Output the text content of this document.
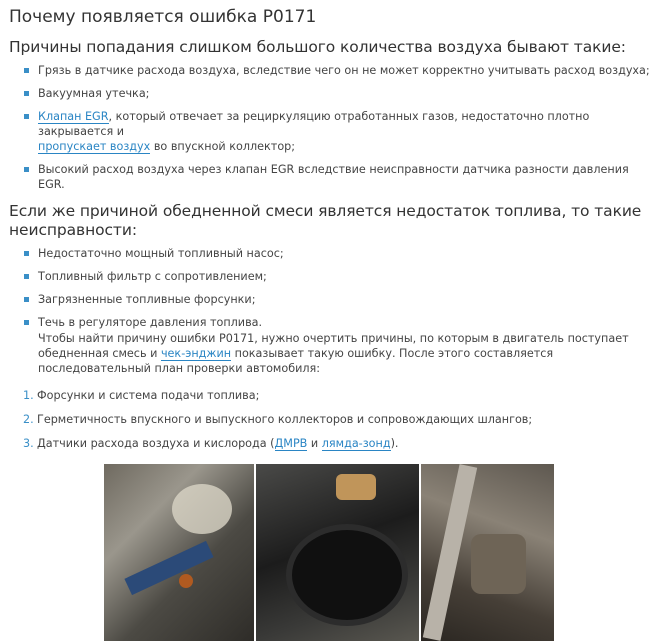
Почему появляется ошибка P0171
Причины попадания слишком большого количества воздуха бывают такие:
Грязь в датчике расхода воздуха, вследствие чего он не может корректно учитывать расход воздуха;
Вакуумная утечка;
Клапан EGR, который отвечает за рециркуляцию отработанных газов, недостаточно плотно закрывается и
пропускает воздух во впускной коллектор;
Высокий расход воздуха через клапан EGR вследствие неисправности датчика разности давления EGR.
Если же причиной обедненной смеси является недостаток топлива, то такие неисправности:
Недостаточно мощный топливный насос;
Топливный фильтр с сопротивлением;
Загрязненные топливные форсунки;
Течь в регуляторе давления топлива.
Чтобы найти причину ошибки P0171, нужно очертить причины, по которым в двигатель поступает обедненная смесь и чек-энджин показывает такую ошибку. После этого составляется последовательный план проверки автомобиля:
1. Форсунки и система подачи топлива;
2. Герметичность впускного и выпускного коллекторов и сопровождающих шлангов;
3. Датчики расхода воздуха и кислорода (ДМРВ и лямда-зонд).
